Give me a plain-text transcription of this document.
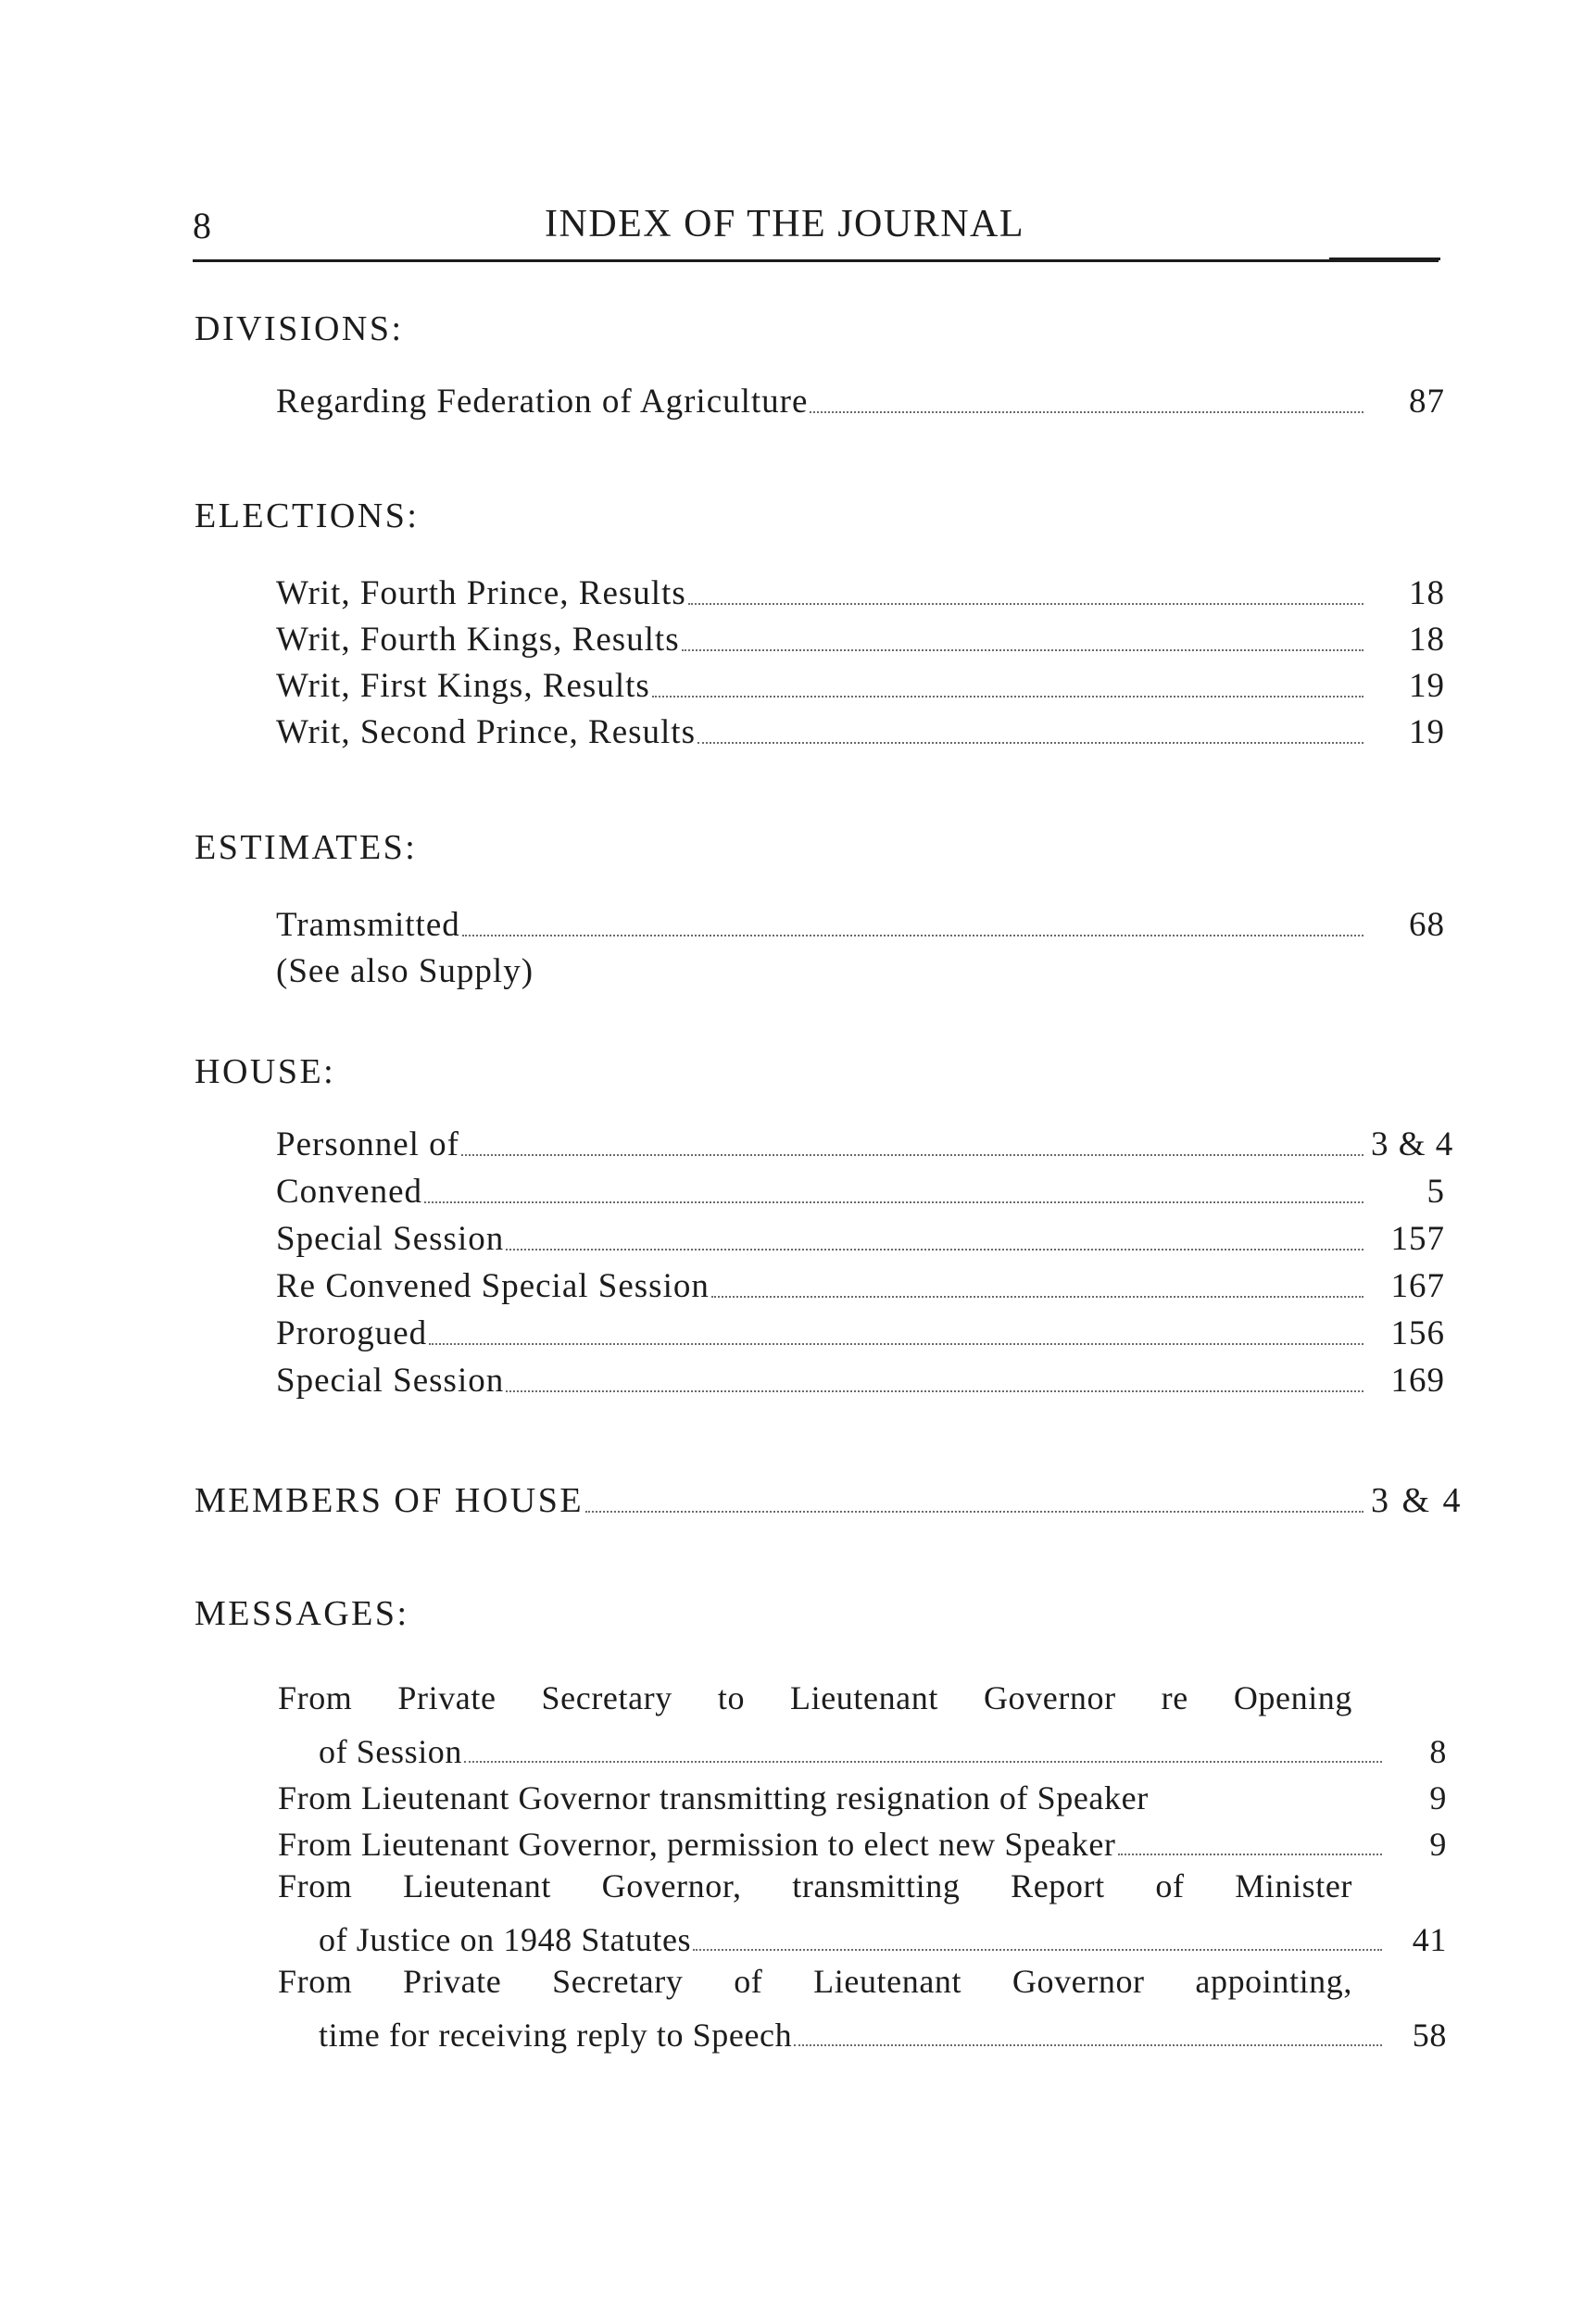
8	INDEX OF THE JOURNAL
DIVISIONS:
Regarding Federation of Agriculture	87
ELECTIONS:
Writ, Fourth Prince, Results	18
Writ, Fourth Kings, Results	18
Writ, First Kings, Results	19
Writ, Second Prince, Results	19
ESTIMATES:
Tramsmitted	68
(See also Supply)
HOUSE:
Personnel of	3 & 4
Convened	5
Special Session	157
Re Convened Special Session	167
Prorogued	156
Special Session	169
MEMBERS OF HOUSE	3 & 4
MESSAGES:
From Private Secretary to Lieutenant Governor re Opening
of Session	8
From Lieutenant Governor transmitting resignation of Speaker	9
From Lieutenant Governor, permission to elect new Speaker	9
From Lieutenant Governor, transmitting Report of Minister
of Justice on 1948 Statutes	41
From Private Secretary of Lieutenant Governor appointing,
time for receiving reply to Speech	58
